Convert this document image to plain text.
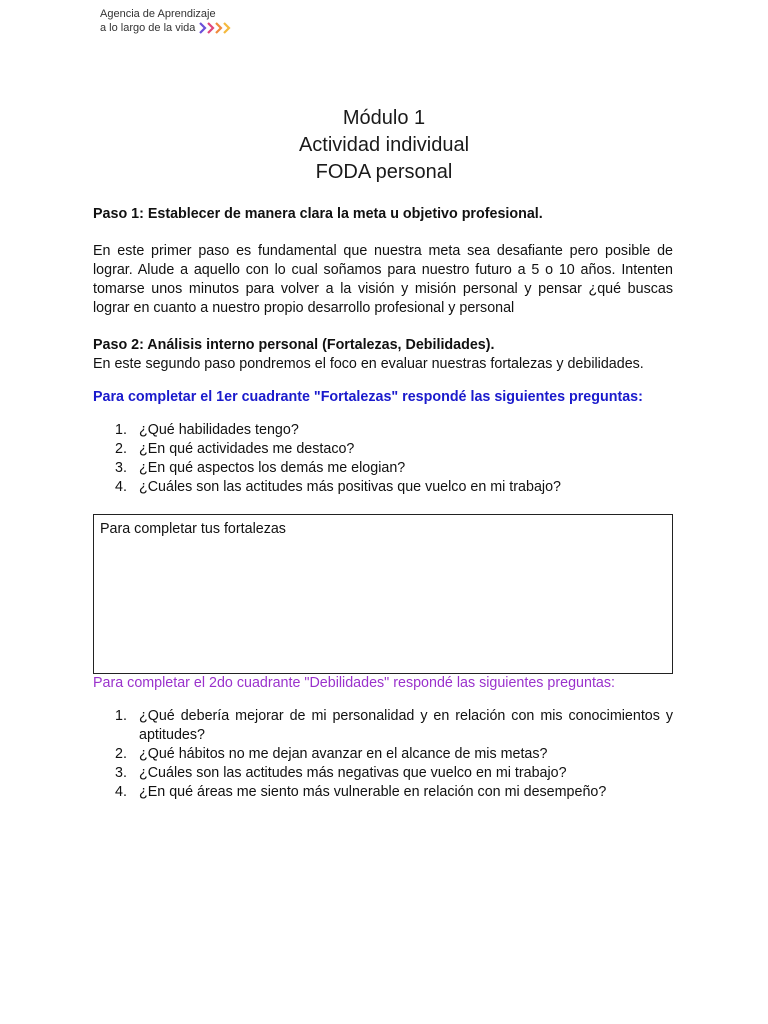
Agencia de Aprendizaje
a lo largo de la vida
Módulo 1
Actividad individual
FODA personal

Paso 1: Establecer de manera clara la meta u objetivo profesional.

En este primer paso es fundamental que nuestra meta sea desafiante pero posible de lograr. Alude a aquello con lo cual soñamos para nuestro futuro a 5 o 10 años. Intenten tomarse unos minutos para volver a la visión y misión personal y pensar ¿qué buscas lograr en cuanto a nuestro propio desarrollo profesional y personal

Paso 2: Análisis interno personal (Fortalezas, Debilidades).

En este segundo paso pondremos el foco en evaluar nuestras fortalezas y debilidades.

Para completar el 1er cuadrante "Fortalezas" respondé las siguientes preguntas:

1. ¿Qué habilidades tengo?
2. ¿En qué actividades me destaco?
3. ¿En qué aspectos los demás me elogian?
4. ¿Cuáles son las actitudes más positivas que vuelco en mi trabajo?
Para completar tus fortalezas

Para completar el 2do cuadrante "Debilidades" respondé las siguientes preguntas:

1. ¿Qué debería mejorar de mi personalidad y en relación con mis conocimientos y aptitudes?
2. ¿Qué hábitos no me dejan avanzar en el alcance de mis metas?
3. ¿Cuáles son las actitudes más negativas que vuelco en mi trabajo?
4. ¿En qué áreas me siento más vulnerable en relación con mi desempeño?
